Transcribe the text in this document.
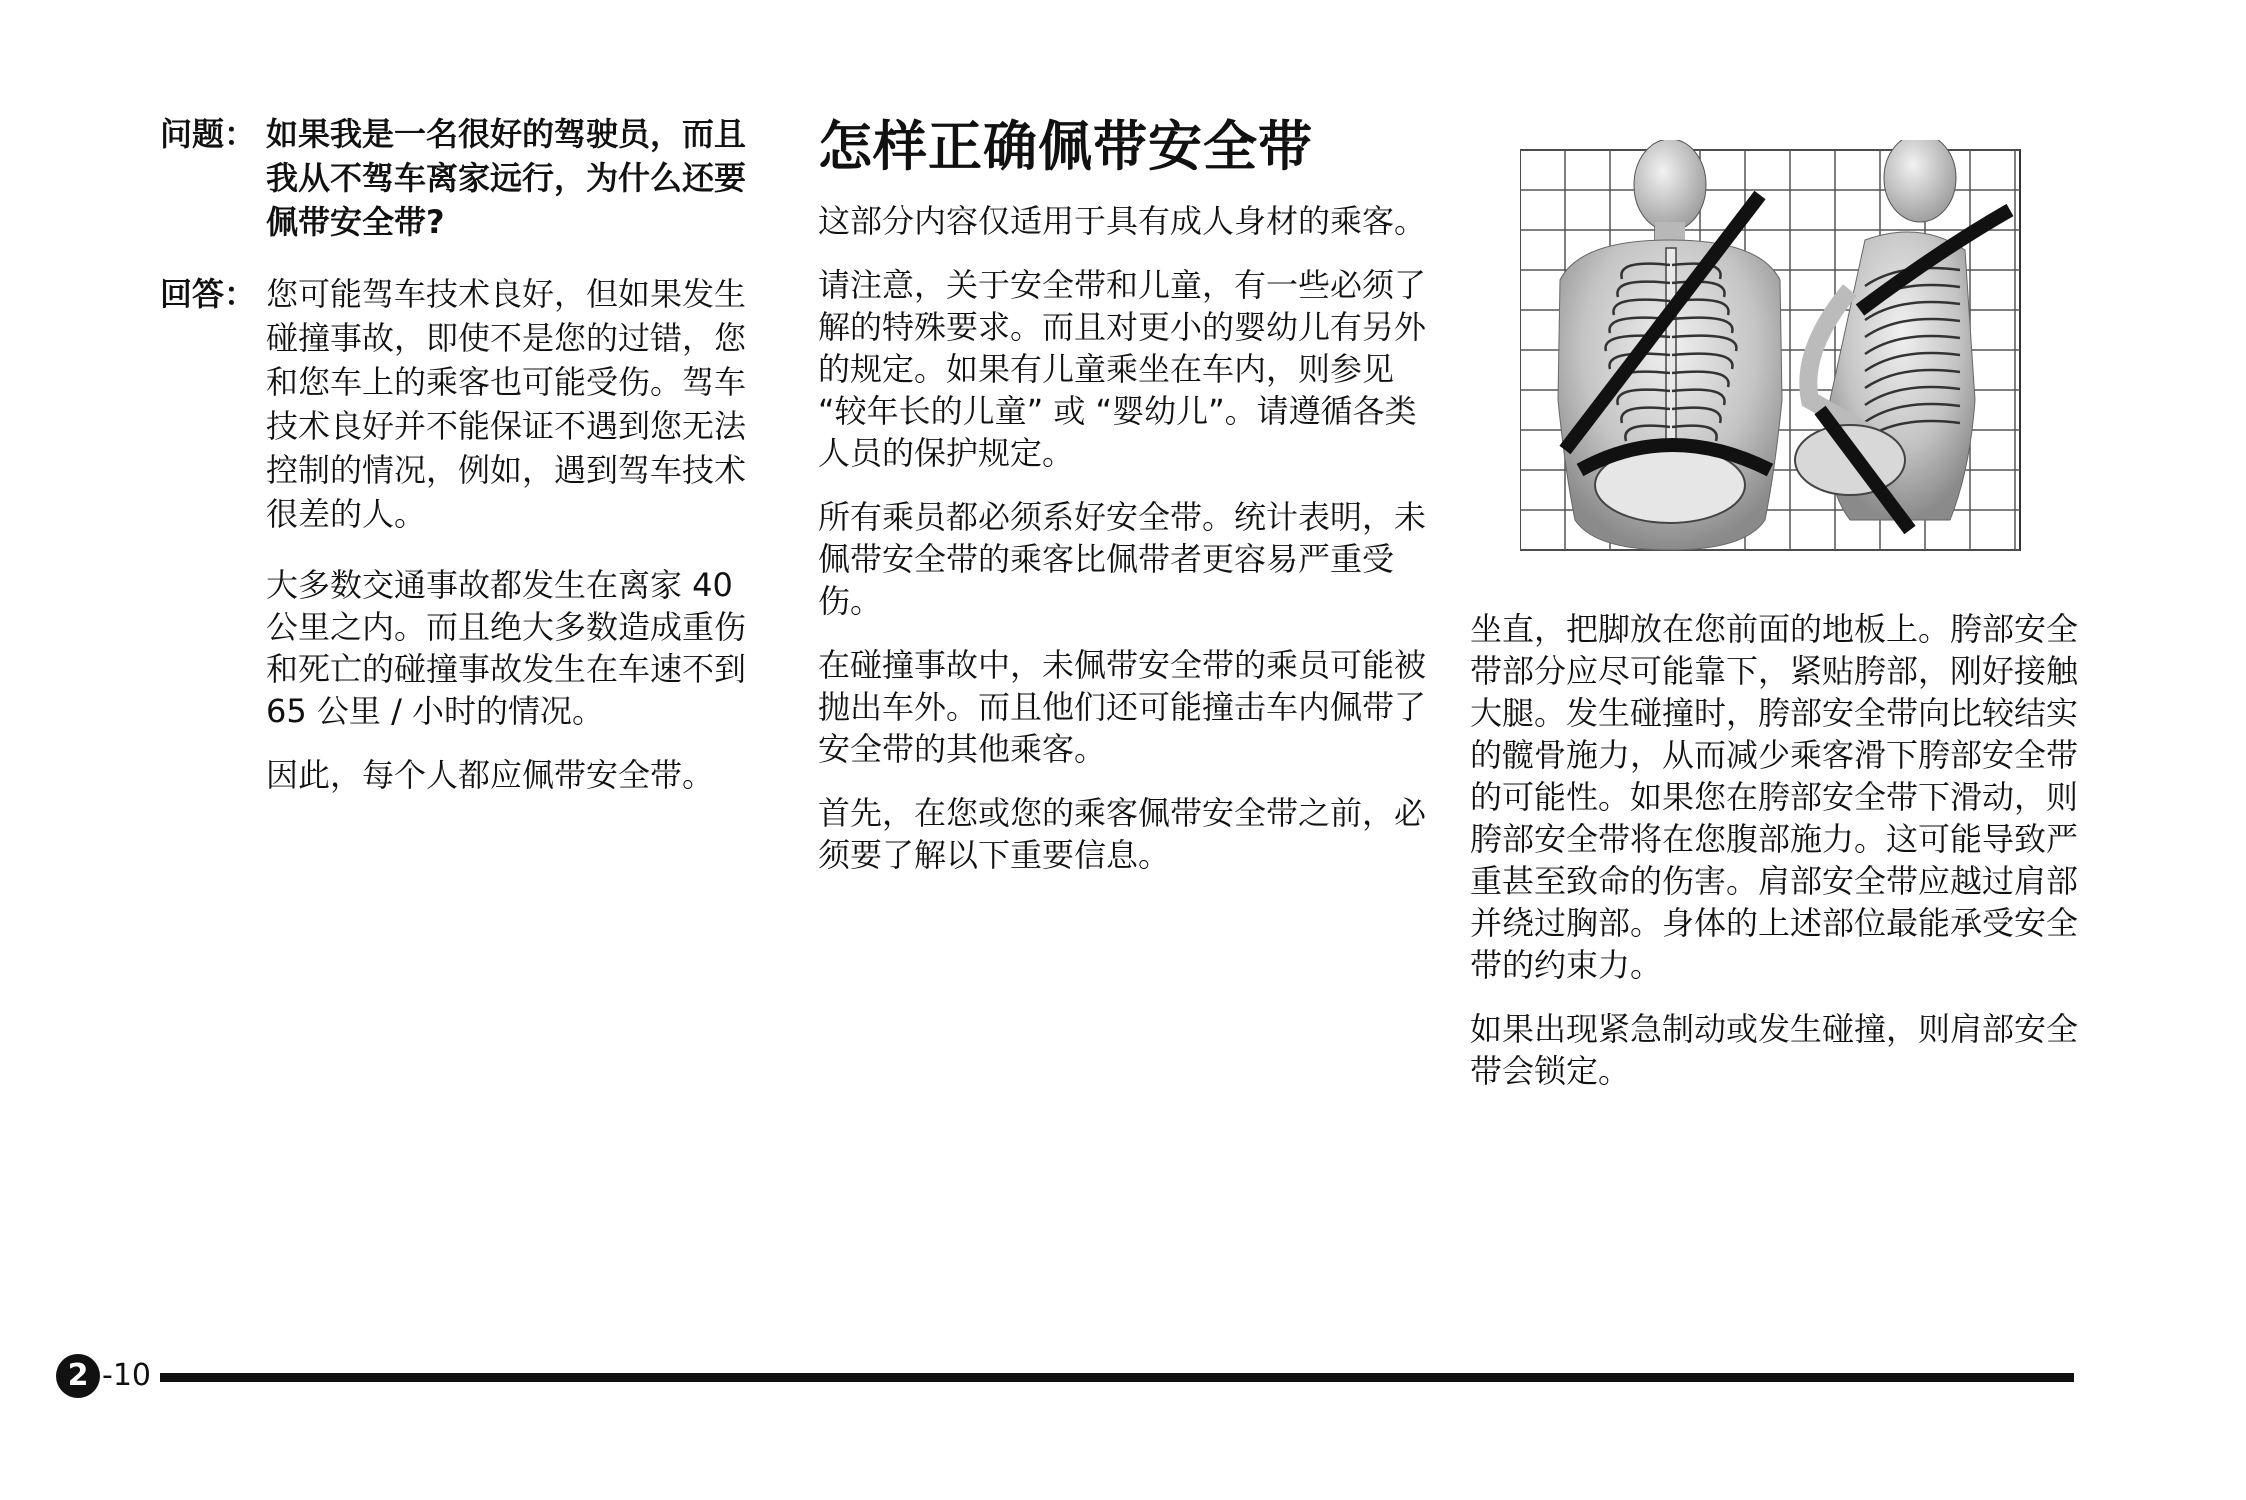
问题： 如果我是一名很好的驾驶员，而且我从不驾车离家远行，为什么还要佩带安全带?
回答： 您可能驾车技术良好，但如果发生碰撞事故，即使不是您的过错，您和您车上的乘客也可能受伤。驾车技术良好并不能保证不遇到您无法控制的情况，例如，遇到驾车技术很差的人。

大多数交通事故都发生在离家 40 公里之内。而且绝大多数造成重伤和死亡的碰撞事故发生在车速不到 65 公里 / 小时的情况。

因此，每个人都应佩带安全带。

怎样正确佩带安全带

这部分内容仅适用于具有成人身材的乘客。

请注意，关于安全带和儿童，有一些必须了解的特殊要求。而且对更小的婴幼儿有另外的规定。如果有儿童乘坐在车内，则参见 “较年长的儿童” 或 “婴幼儿”。请遵循各类人员的保护规定。

所有乘员都必须系好安全带。统计表明，未佩带安全带的乘客比佩带者更容易严重受伤。

在碰撞事故中，未佩带安全带的乘员可能被抛出车外。而且他们还可能撞击车内佩带了安全带的其他乘客。

首先，在您或您的乘客佩带安全带之前，必须要了解以下重要信息。

坐直，把脚放在您前面的地板上。胯部安全带部分应尽可能靠下，紧贴胯部，刚好接触大腿。发生碰撞时，胯部安全带向比较结实的髋骨施力，从而减少乘客滑下胯部安全带的可能性。如果您在胯部安全带下滑动，则胯部安全带将在您腹部施力。这可能导致严重甚至致命的伤害。肩部安全带应越过肩部并绕过胸部。身体的上述部位最能承受安全带的约束力。

如果出现紧急制动或发生碰撞，则肩部安全带会锁定。

2 -10
